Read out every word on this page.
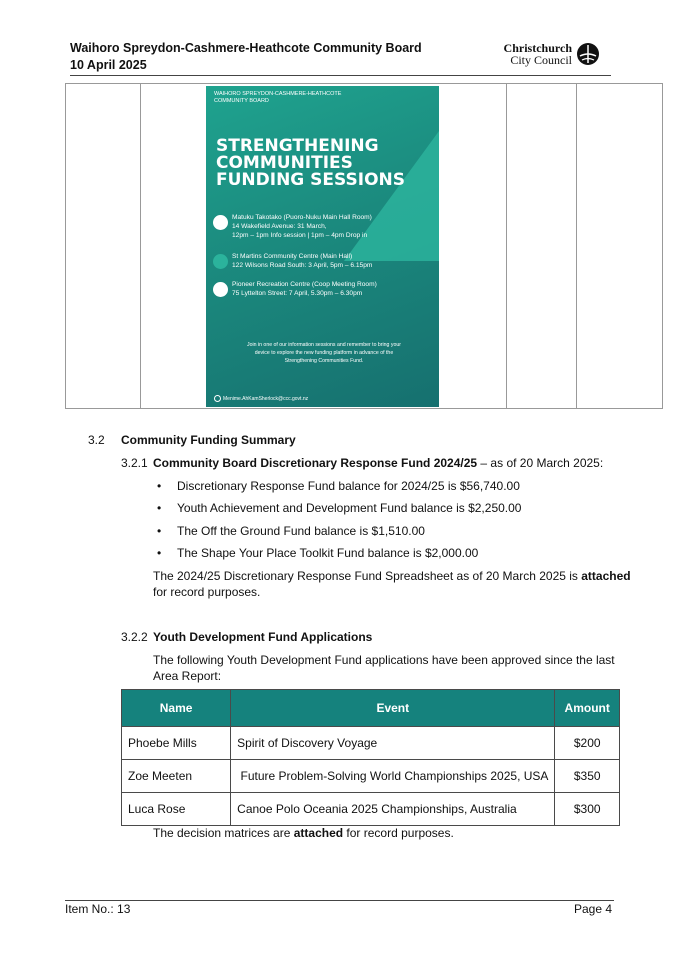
Waihoro Spreydon-Cashmere-Heathcote Community Board
10 April 2025
Christchurch
City Council
WAIHORO SPREYDON-CASHMERE-HEATHCOTE
COMMUNITY BOARD
STRENGTHENING
COMMUNITIES
FUNDING SESSIONS
Matuku Takotako (Puoro-Nuku Main Hall Room)
14 Wakefield Avenue: 31 March,
12pm – 1pm Info session | 1pm – 4pm Drop in
St Martins Community Centre (Main Hall)
122 Wilsons Road South: 3 April, 5pm – 6.15pm
Pioneer Recreation Centre (Coop Meeting Room)
75 Lyttelton Street: 7 April, 5.30pm – 6.30pm
Join in one of our information sessions and remember to bring your
device to explore the new funding platform in advance of the
Strengthening Communities Fund.
Menime.AhKamSherlock@ccc.govt.nz
3.2 Community Funding Summary
3.2.1 Community Board Discretionary Response Fund 2024/25 – as of 20 March 2025:
• Discretionary Response Fund balance for 2024/25 is $56,740.00
• Youth Achievement and Development Fund balance is $2,250.00
• The Off the Ground Fund balance is $1,510.00
• The Shape Your Place Toolkit Fund balance is $2,000.00
The 2024/25 Discretionary Response Fund Spreadsheet as of 20 March 2025 is attached
for record purposes.
3.2.2 Youth Development Fund Applications
The following Youth Development Fund applications have been approved since the last
Area Report:
Name	Event	Amount
Phoebe Mills	Spirit of Discovery Voyage	$200
Zoe Meeten	Future Problem-Solving World Championships 2025, USA	$350
Luca Rose	Canoe Polo Oceania 2025 Championships, Australia	$300
The decision matrices are attached for record purposes.
Item No.: 13	Page 4
